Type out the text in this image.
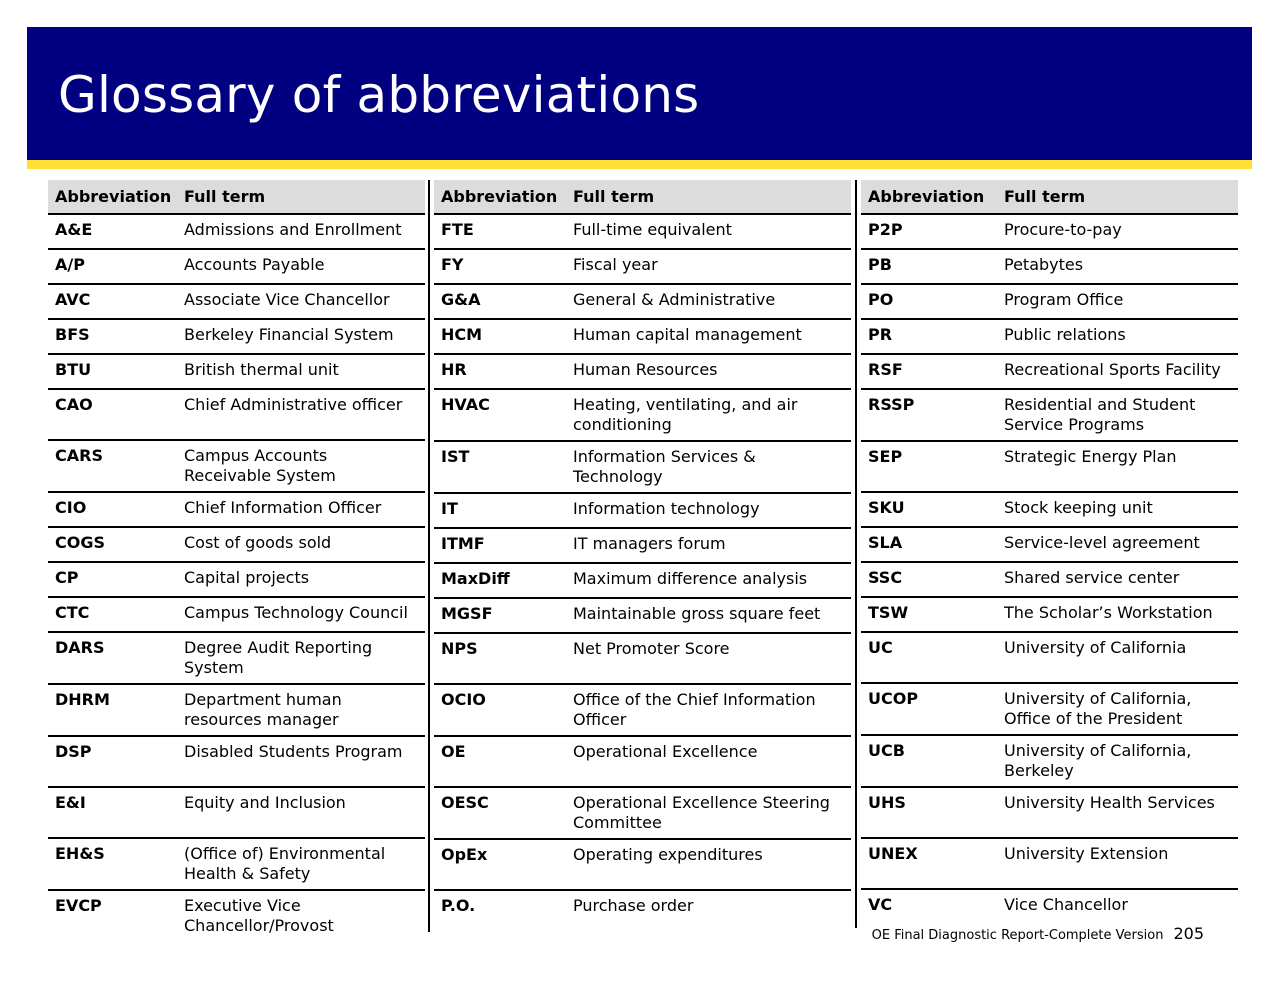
Glossary of abbreviations
Abbreviation	Full term
A&E	Admissions and Enrollment
A/P	Accounts Payable
AVC	Associate Vice Chancellor
BFS	Berkeley Financial System
BTU	British thermal unit
CAO	Chief Administrative officer
CARS	Campus Accounts Receivable System
CIO	Chief Information Officer
COGS	Cost of goods sold
CP	Capital projects
CTC	Campus Technology Council
DARS	Degree Audit Reporting System
DHRM	Department human resources manager
DSP	Disabled Students Program
E&I	Equity and Inclusion
EH&S	(Office of) Environmental Health & Safety
EVCP	Executive Vice Chancellor/Provost
Abbreviation	Full term
FTE	Full-time equivalent
FY	Fiscal year
G&A	General & Administrative
HCM	Human capital management
HR	Human Resources
HVAC	Heating, ventilating, and air conditioning
IST	Information Services & Technology
IT	Information technology
ITMF	IT managers forum
MaxDiff	Maximum difference analysis
MGSF	Maintainable gross square feet
NPS	Net Promoter Score
OCIO	Office of the Chief Information Officer
OE	Operational Excellence
OESC	Operational Excellence Steering Committee
OpEx	Operating expenditures
P.O.	Purchase order
Abbreviation	Full term
P2P	Procure-to-pay
PB	Petabytes
PO	Program Office
PR	Public relations
RSF	Recreational Sports Facility
RSSP	Residential and Student Service Programs
SEP	Strategic Energy Plan
SKU	Stock keeping unit
SLA	Service-level agreement
SSC	Shared service center
TSW	The Scholar’s Workstation
UC	University of California
UCOP	University of California, Office of the President
UCB	University of California, Berkeley
UHS	University Health Services
UNEX	University Extension
VC	Vice Chancellor
OE Final Diagnostic Report-Complete Version 205
